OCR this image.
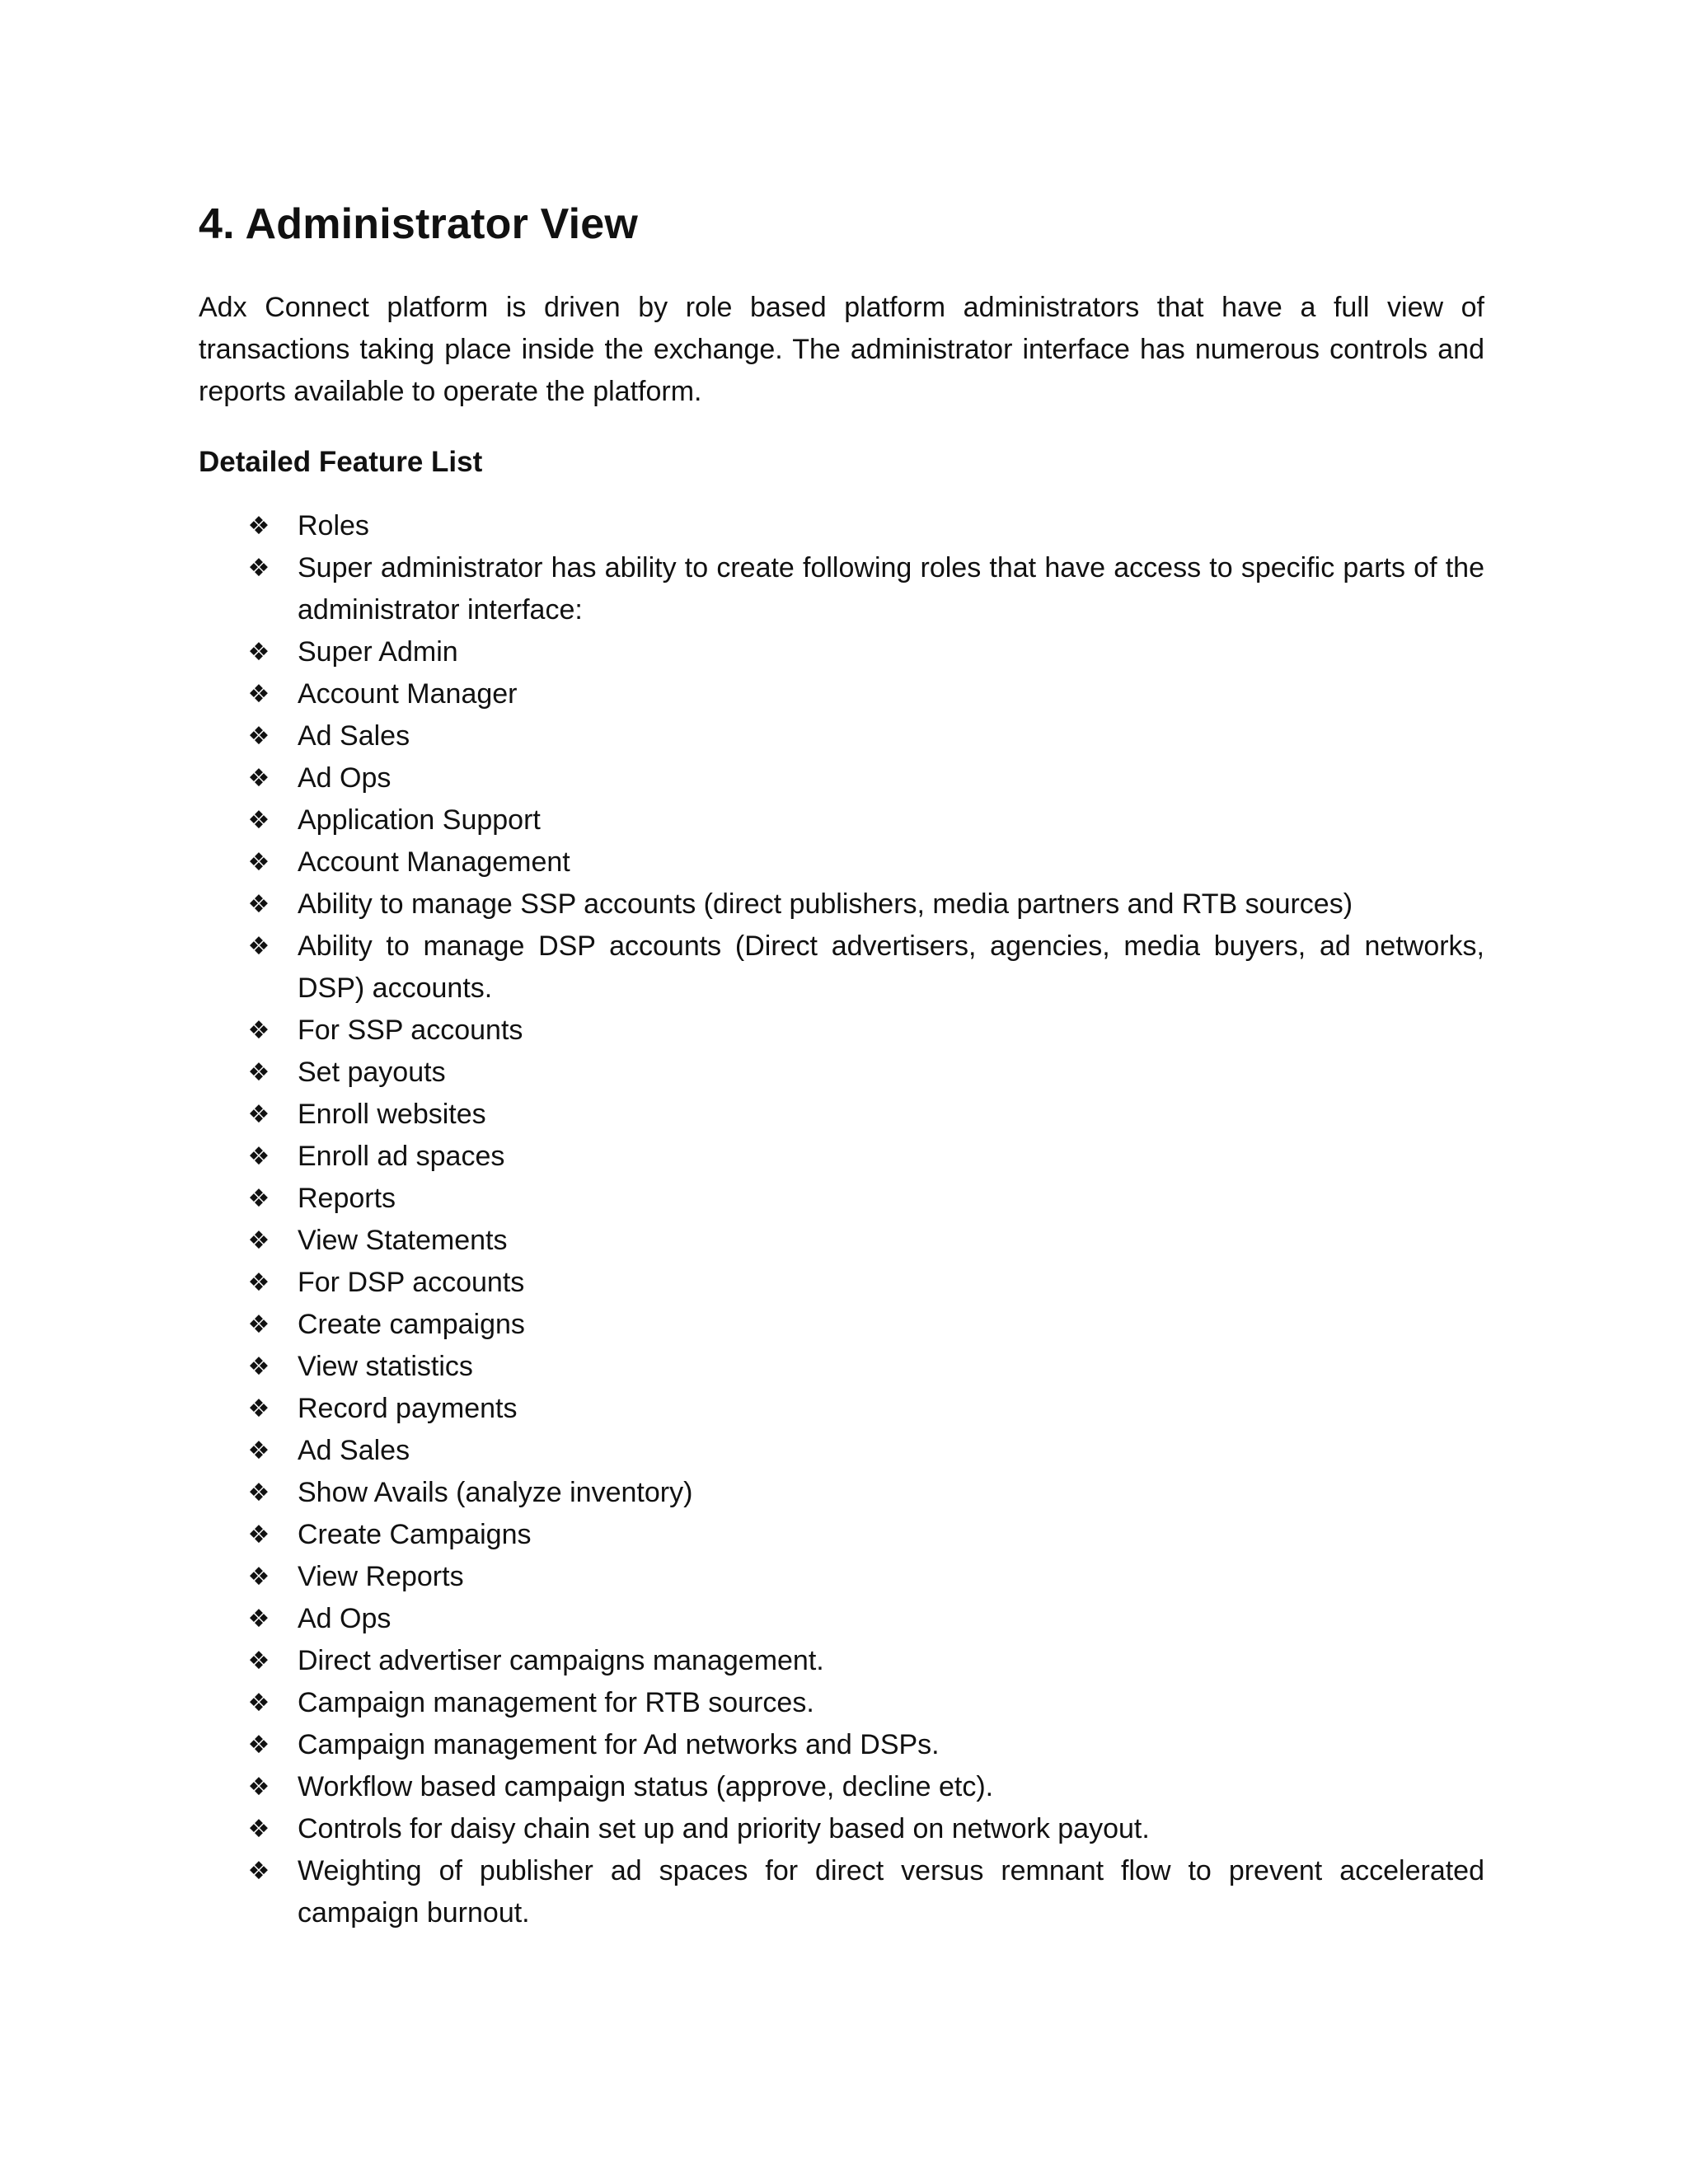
4. Administrator View

Adx Connect platform is driven by role based platform administrators that have a full view of transactions taking place inside the exchange. The administrator interface has numerous controls and reports available to operate the platform.

Detailed Feature List
❖ Roles
❖ Super administrator has ability to create following roles that have access to specific parts of the administrator interface:
❖ Super Admin
❖ Account Manager
❖ Ad Sales
❖ Ad Ops
❖ Application Support
❖ Account Management
❖ Ability to manage SSP accounts (direct publishers, media partners and RTB sources)
❖ Ability to manage DSP accounts (Direct advertisers, agencies, media buyers, ad networks, DSP) accounts.
❖ For SSP accounts
❖ Set payouts
❖ Enroll websites
❖ Enroll ad spaces
❖ Reports
❖ View Statements
❖ For DSP accounts
❖ Create campaigns
❖ View statistics
❖ Record payments
❖ Ad Sales
❖ Show Avails (analyze inventory)
❖ Create Campaigns
❖ View Reports
❖ Ad Ops
❖ Direct advertiser campaigns management.
❖ Campaign management for RTB sources.
❖ Campaign management for Ad networks and DSPs.
❖ Workflow based campaign status (approve, decline etc).
❖ Controls for daisy chain set up and priority based on network payout.
❖ Weighting of publisher ad spaces for direct versus remnant flow to prevent accelerated campaign burnout.
